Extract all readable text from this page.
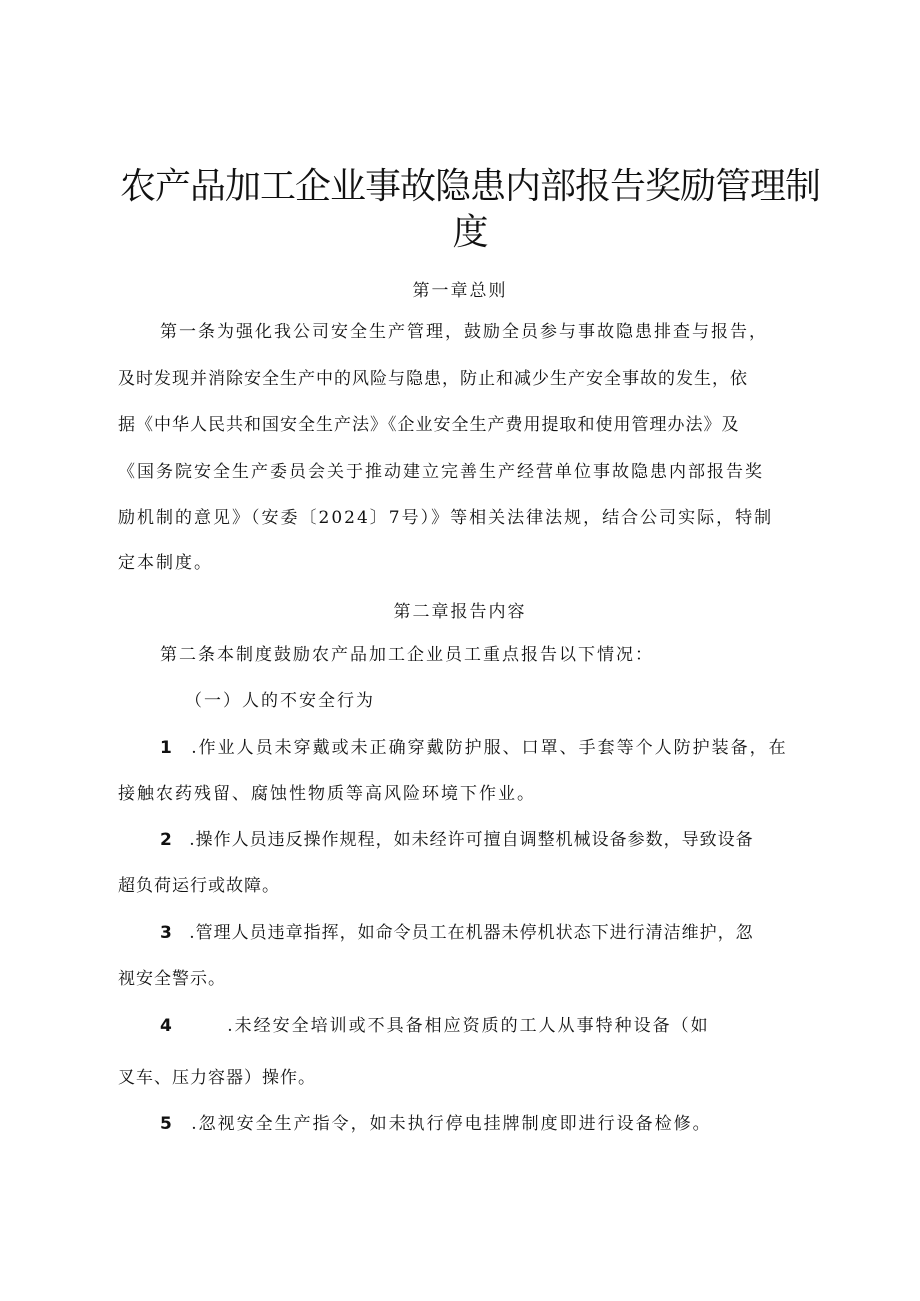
农产品加工企业事故隐患内部报告奖励管理制
度
第一章总则
第一条为强化我公司安全生产管理，鼓励全员参与事故隐患排查与报告，
及时发现并消除安全生产中的风险与隐患，防止和减少生产安全事故的发生，依
据《中华人民共和国安全生产法》《企业安全生产费用提取和使用管理办法》及
《国务院安全生产委员会关于推动建立完善生产经营单位事故隐患内部报告奖
励机制的意见》（安委〔2024〕7号）》等相关法律法规，结合公司实际，特制
定本制度。
第二章报告内容
第二条本制度鼓励农产品加工企业员工重点报告以下情况：
（一）人的不安全行为
1 .作业人员未穿戴或未正确穿戴防护服、口罩、手套等个人防护装备，在
接触农药残留、腐蚀性物质等高风险环境下作业。
2 .操作人员违反操作规程，如未经许可擅自调整机械设备参数，导致设备
超负荷运行或故障。
3 .管理人员违章指挥，如命令员工在机器未停机状态下进行清洁维护，忽
视安全警示。
4	.未经安全培训或不具备相应资质的工人从事特种设备（如
叉车、压力容器）操作。
5 .忽视安全生产指令，如未执行停电挂牌制度即进行设备检修。
